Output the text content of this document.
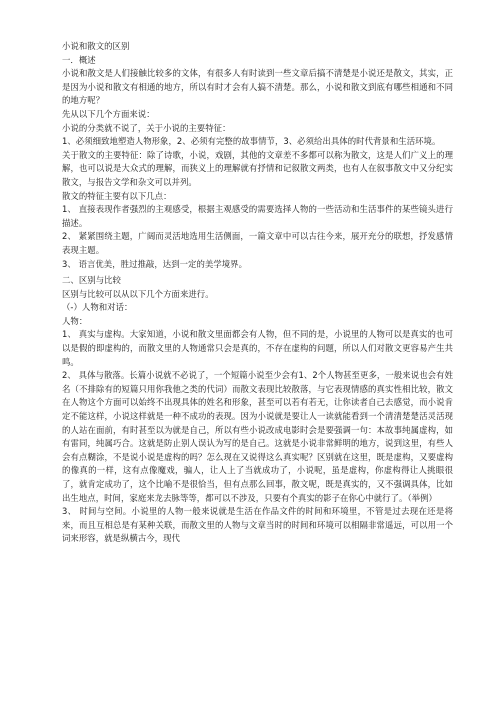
小说和散文的区别

一．概述

小说和散文是人们接触比较多的文体，有很多人有时读到一些文章后搞不清楚是小说还是散文，其实，正是因为小说和散文有相通的地方，所以有时才会有人搞不清楚。那么，小说和散文到底有哪些相通和不同的地方呢？

先从以下几个方面来说：

小说的分类就不说了，关于小说的主要特征：

1、必须细致地塑造人物形象，2、必须有完整的故事情节，3、必须给出具体的时代背景和生活环境。

关于散文的主要特征：除了诗歌，小说，戏剧，其他的文章差不多都可以称为散文，这是人们广义上的理解，也可以说是大众式的理解，而狭义上的理解就有抒情和记叙散文两类，也有人在叙事散文中又分纪实散文，与报告文学和杂文可以并列。

散文的特征主要有以下几点：

1、 直接表现作者强烈的主观感受，根据主观感受的需要选择人物的一些活动和生活事件的某些镜头进行描述。

2、 紧紧围绕主题，广阔而灵活地选用生活侧面，一篇文章中可以古往今来，展开充分的联想，抒发感情表现主题。

3、 语言优美，胜过推敲，达到一定的美学境界。

二、区别与比较

区别与比较可以从以下几个方面来进行。

（-）人物和对话：

人物：

1、 真实与虚构。大家知道，小说和散文里面都会有人物，但不同的是，小说里的人物可以是真实的也可以是假的即虚构的，而散文里的人物通常只会是真的，不存在虚构的问题，所以人们对散文更容易产生共鸣。

2、 具体与散落。长篇小说就不必说了，一个短篇小说至少会有1、2个人物甚至更多，一般来说也会有姓名（不排除有的短篇只用你我他之类的代词）而散文表现比较散落，与它表现情感的真实性相比较，散文在人物这个方面可以始终不出现具体的姓名和形象，甚至可以若有若无，让你读者自己去感觉，而小说肯定不能这样，小说这样就是一种不成功的表现。因为小说就是要让人一读就能看到一个清清楚楚活灵活现的人站在面前，有时甚至以为就是自己，所以有些小说改成电影时会是要强调一句：本故事纯属虚构，如有雷同，纯属巧合。这就是防止别人误认为写的是自己。这就是小说非常鲜明的地方，说到这里，有些人会有点糊涂，不是说小说是虚构的吗？怎么现在又说得这么真实呢？区别就在这里，既是虚构，又要虚构的像真的一样，这有点像魔戏，骗人，让人上了当就成功了，小说呢，虽是虚构，你虚构得让人挑眼很了，就肯定成功了，这个比喻不是很恰当，但有点那么回事，散文呢，既是真实的，又不强调具体，比如出生地点，时间，家庭来龙去脉等等，都可以不涉及，只要有个真实的影子在你心中就行了。（举例）

3、 时间与空间。小说里的人物一般来说就是生活在作品文件的时间和环境里，不管是过去现在还是将来，而且互相总是有某种关联，而散文里的人物与文章当时的时间和环境可以相隔非常遥远，可以用一个词来形容，就是纵横古今，现代
